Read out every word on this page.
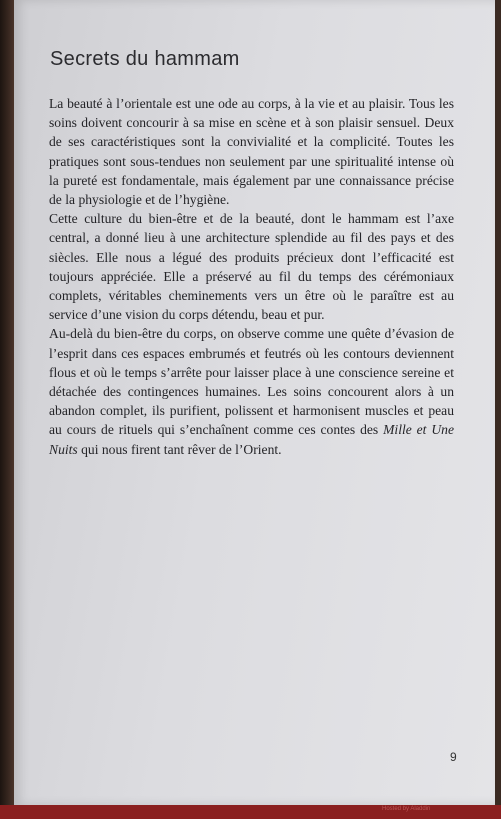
Secrets du hammam

La beauté à l’orientale est une ode au corps, à la vie et au plaisir. Tous les soins doivent concourir à sa mise en scène et à son plaisir sensuel. Deux de ses caractéristiques sont la convivialité et la complicité. Toutes les pratiques sont sous-tendues non seulement par une spiritualité intense où la pureté est fondamentale, mais également par une connaissance précise de la physiologie et de l’hygiène.

Cette culture du bien-être et de la beauté, dont le hammam est l’axe central, a donné lieu à une architecture splendide au fil des pays et des siècles. Elle nous a légué des produits précieux dont l’efficacité est toujours appréciée. Elle a préservé au fil du temps des cérémoniaux complets, véritables cheminements vers un être où le paraître est au service d’une vision du corps détendu, beau et pur.

Au-delà du bien-être du corps, on observe comme une quête d’évasion de l’esprit dans ces espaces embrumés et feutrés où les contours deviennent flous et où le temps s’arrête pour laisser place à une conscience sereine et détachée des contingences humaines. Les soins concourent alors à un abandon complet, ils purifient, polissent et harmonisent muscles et peau au cours de rituels qui s’enchaînent comme ces contes des Mille et Une Nuits qui nous firent tant rêver de l’Orient.

9
Hosted by Aladdin
